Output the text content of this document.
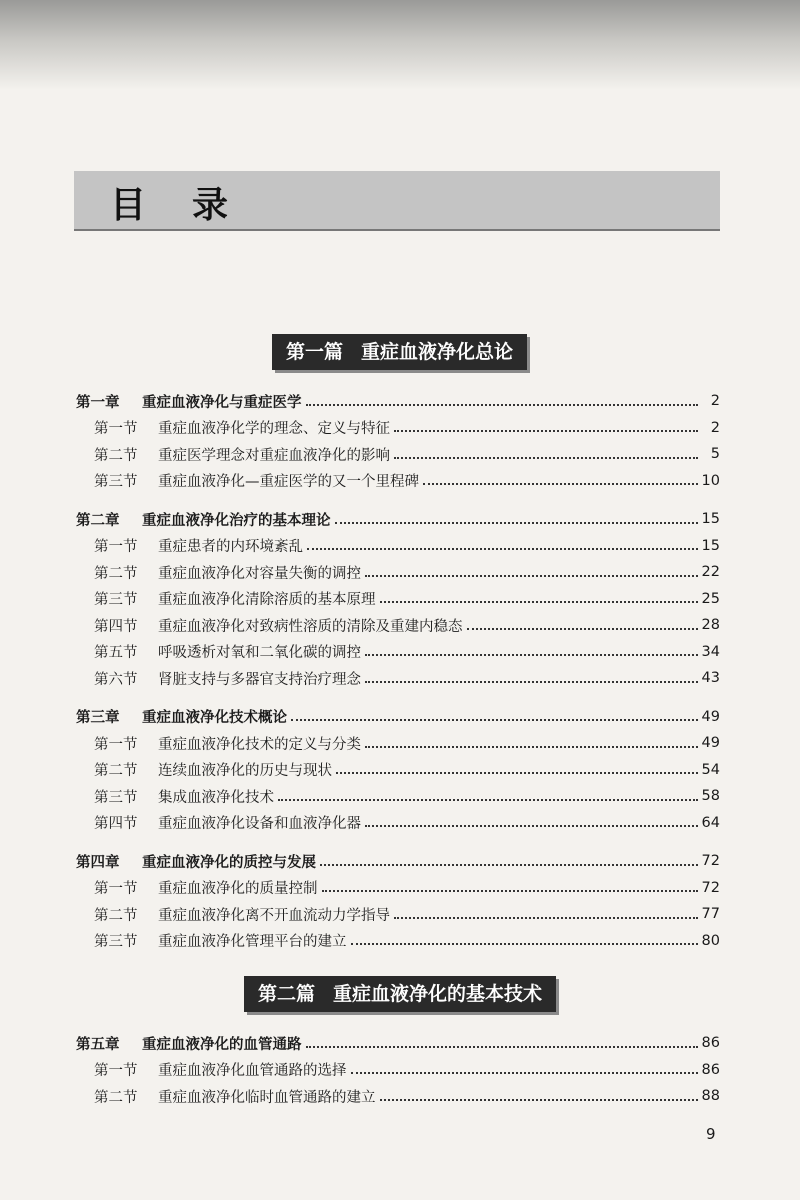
目录
第一篇 重症血液净化总论
第一章	重症血液净化与重症医学	2
第一节	重症血液净化学的理念、定义与特征	2
第二节	重症医学理念对重症血液净化的影响	5
第三节	重症血液净化—重症医学的又一个里程碑	10
第二章	重症血液净化治疗的基本理论	15
第一节	重症患者的内环境紊乱	15
第二节	重症血液净化对容量失衡的调控	22
第三节	重症血液净化清除溶质的基本原理	25
第四节	重症血液净化对致病性溶质的清除及重建内稳态	28
第五节	呼吸透析对氧和二氧化碳的调控	34
第六节	肾脏支持与多器官支持治疗理念	43
第三章	重症血液净化技术概论	49
第一节	重症血液净化技术的定义与分类	49
第二节	连续血液净化的历史与现状	54
第三节	集成血液净化技术	58
第四节	重症血液净化设备和血液净化器	64
第四章	重症血液净化的质控与发展	72
第一节	重症血液净化的质量控制	72
第二节	重症血液净化离不开血流动力学指导	77
第三节	重症血液净化管理平台的建立	80
第五章	重症血液净化的血管通路	86
第一节	重症血液净化血管通路的选择	86
第二节	重症血液净化临时血管通路的建立	88
第二篇 重症血液净化的基本技术
9
